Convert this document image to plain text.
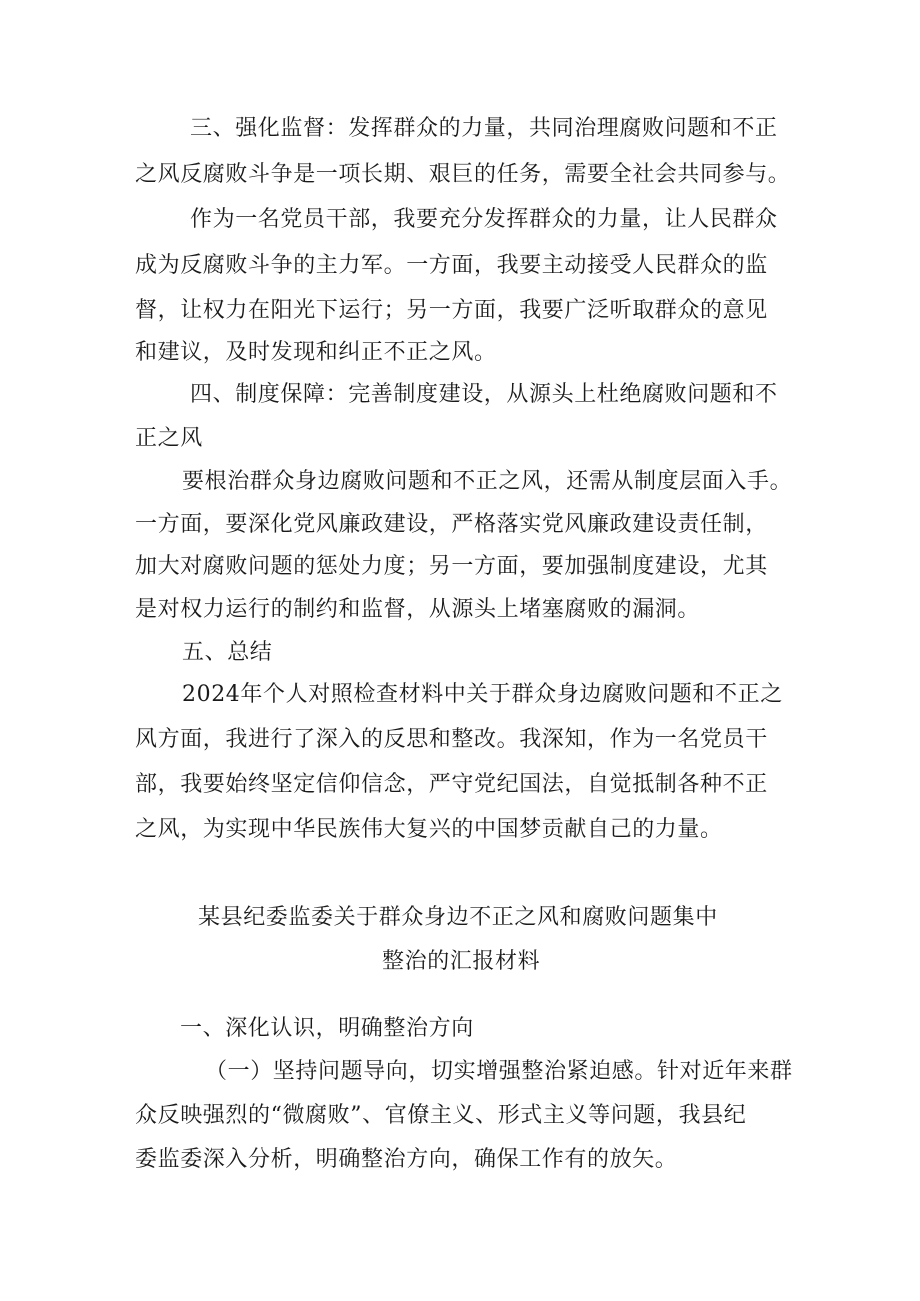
三、强化监督：发挥群众的力量，共同治理腐败问题和不正
之风反腐败斗争是一项长期、艰巨的任务，需要全社会共同参与。
作为一名党员干部，我要充分发挥群众的力量，让人民群众
成为反腐败斗争的主力军。一方面，我要主动接受人民群众的监
督，让权力在阳光下运行；另一方面，我要广泛听取群众的意见
和建议，及时发现和纠正不正之风。
四、制度保障：完善制度建设，从源头上杜绝腐败问题和不
正之风
要根治群众身边腐败问题和不正之风，还需从制度层面入手。
一方面，要深化党风廉政建设，严格落实党风廉政建设责任制，
加大对腐败问题的惩处力度；另一方面，要加强制度建设，尤其
是对权力运行的制约和监督，从源头上堵塞腐败的漏洞。
五、总结
2024年个人对照检查材料中关于群众身边腐败问题和不正之
风方面，我进行了深入的反思和整改。我深知，作为一名党员干
部，我要始终坚定信仰信念，严守党纪国法，自觉抵制各种不正
之风，为实现中华民族伟大复兴的中国梦贡献自己的力量。
某县纪委监委关于群众身边不正之风和腐败问题集中
整治的汇报材料
一、深化认识，明确整治方向
（一）坚持问题导向，切实增强整治紧迫感。针对近年来群
众反映强烈的“微腐败”、官僚主义、形式主义等问题，我县纪
委监委深入分析，明确整治方向，确保工作有的放矢。
